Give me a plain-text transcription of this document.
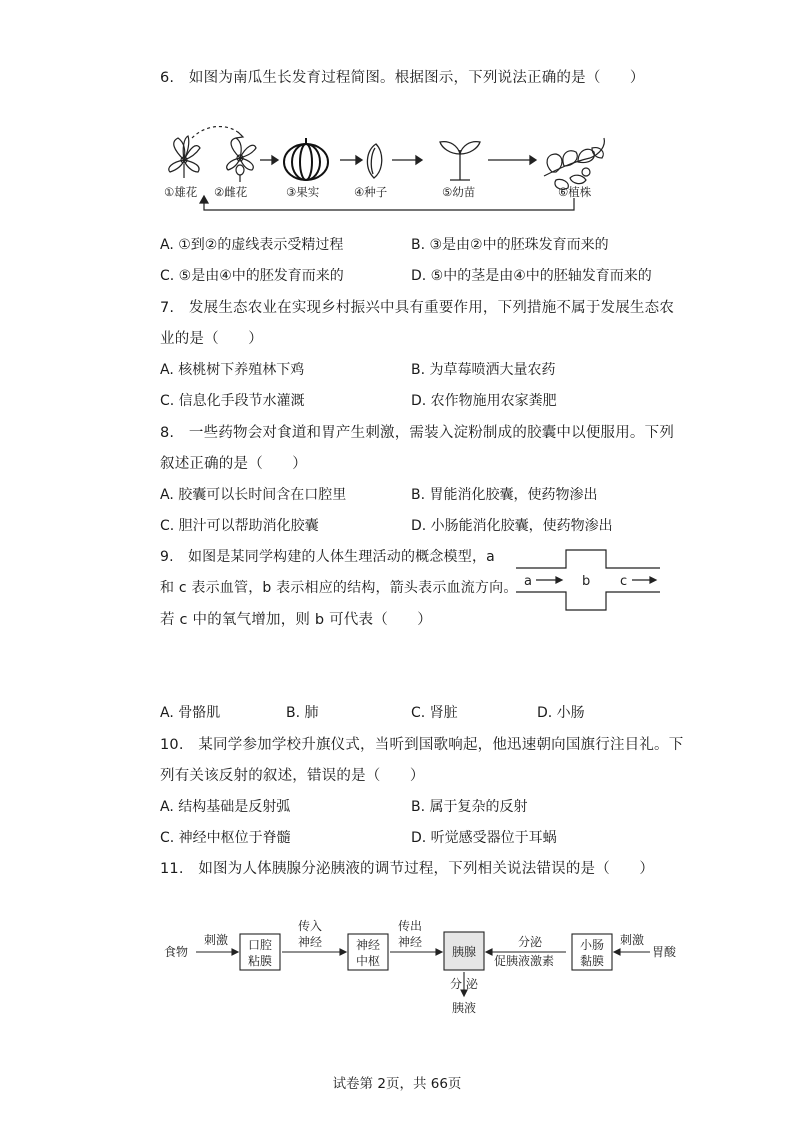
6.　如图为南瓜生长发育过程简图。根据图示，下列说法正确的是（　　）
①雄花 ②雌花	③果实	④种子	⑤幼苗	⑥植株
A. ①到②的虚线表示受精过程	B. ③是由②中的胚珠发育而来的
C. ⑤是由④中的胚发育而来的	D. ⑤中的茎是由④中的胚轴发育而来的
7.　发展生态农业在实现乡村振兴中具有重要作用，下列措施不属于发展生态农
业的是（　　）
A. 核桃树下养殖林下鸡	B. 为草莓喷洒大量农药
C. 信息化手段节水灌溉	D. 农作物施用农家粪肥
8.　一些药物会对食道和胃产生刺激，需装入淀粉制成的胶囊中以便服用。下列
叙述正确的是（　　）
A. 胶囊可以长时间含在口腔里	B. 胃能消化胶囊，使药物渗出
C. 胆汁可以帮助消化胶囊	D. 小肠能消化胶囊，使药物渗出
9.　如图是某同学构建的人体生理活动的概念模型，a
和 c 表示血管，b 表示相应的结构，箭头表示血流方向。
若 c 中的氧气增加，则 b 可代表（　　）
a	b c
A. 骨骼肌	B. 肺	C. 肾脏	D. 小肠
10.　某同学参加学校升旗仪式，当听到国歌响起，他迅速朝向国旗行注目礼。下
列有关该反射的叙述，错误的是（　　）
A. 结构基础是反射弧	B. 属于复杂的反射
C. 神经中枢位于脊髓	D. 听觉感受器位于耳蜗
11.　如图为人体胰腺分泌胰液的调节过程，下列相关说法错误的是（　　）
食物
刺激 口腔
粘膜
传入
神经	神经
中枢
传出
神经
胰腺
分泌
促胰液激素
小肠
黏膜
刺激
胃酸
分 泌
胰液
试卷第 2页，共 66页
